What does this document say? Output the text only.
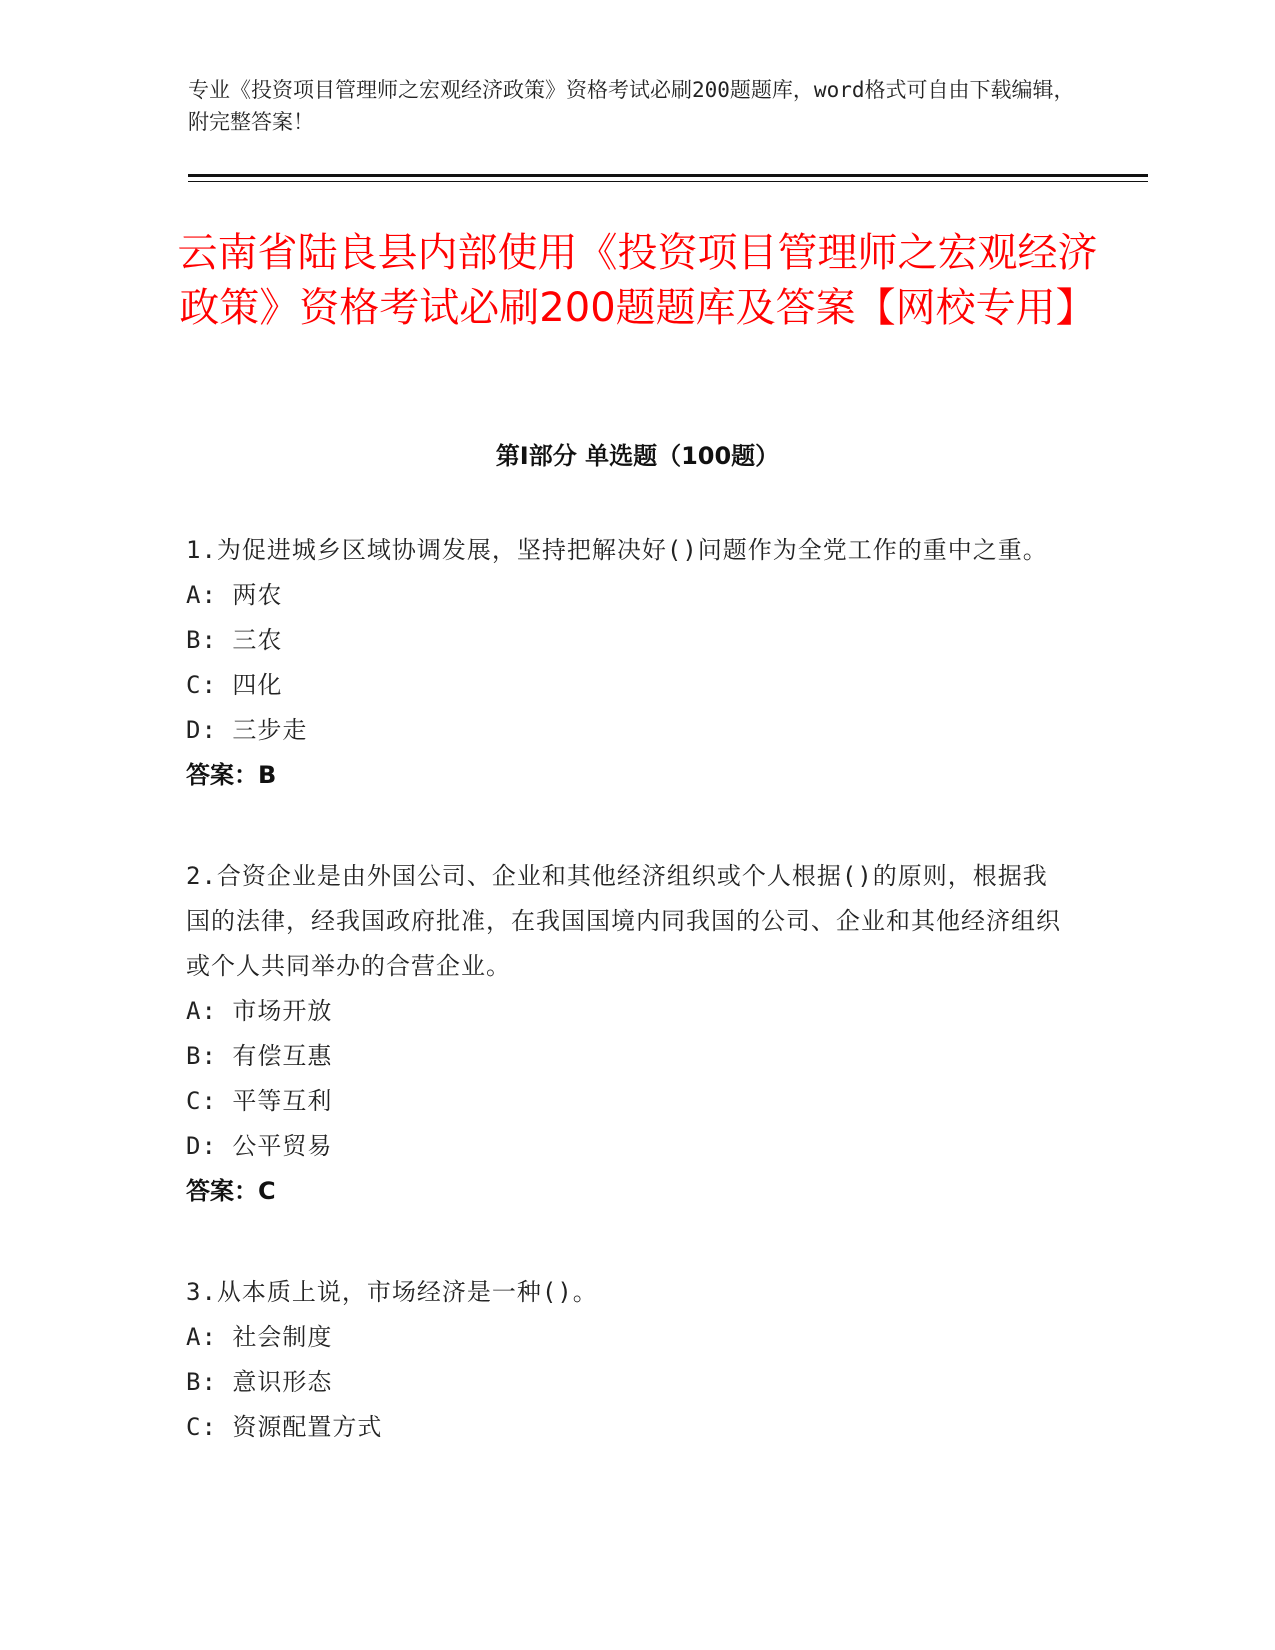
专业《投资项目管理师之宏观经济政策》资格考试必刷200题题库，word格式可自由下载编辑，附完整答案！
云南省陆良县内部使用《投资项目管理师之宏观经济政策》资格考试必刷200题题库及答案【网校专用】
第I部分 单选题（100题）
1.为促进城乡区域协调发展，坚持把解决好()问题作为全党工作的重中之重。
A: 两农
B: 三农
C: 四化
D: 三步走
答案：B
2.合资企业是由外国公司、企业和其他经济组织或个人根据()的原则，根据我国的法律，经我国政府批准，在我国国境内同我国的公司、企业和其他经济组织或个人共同举办的合营企业。
A: 市场开放
B: 有偿互惠
C: 平等互利
D: 公平贸易
答案：C
3.从本质上说，市场经济是一种()。
A: 社会制度
B: 意识形态
C: 资源配置方式
